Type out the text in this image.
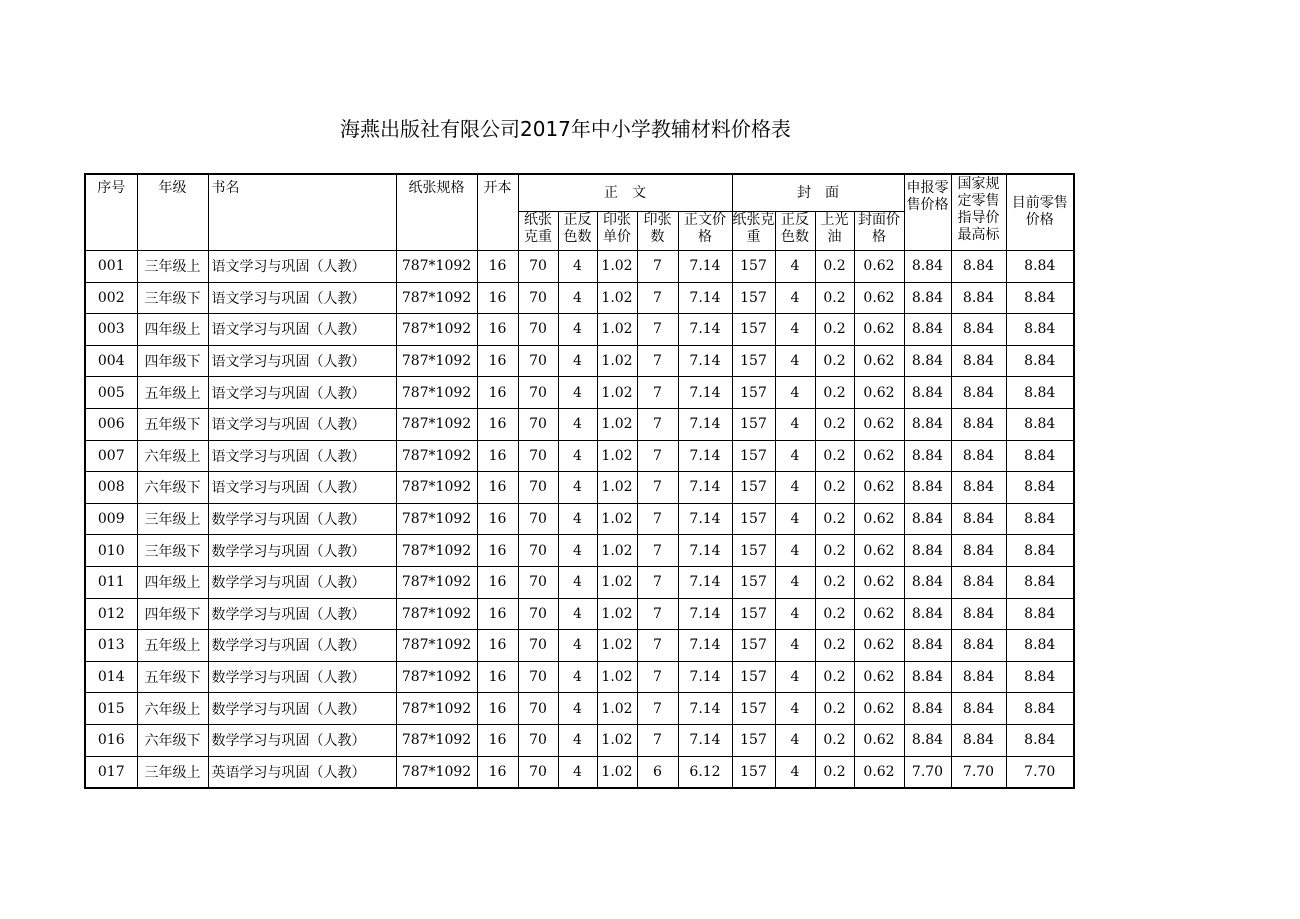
海燕出版社有限公司2017年中小学教辅材料价格表
序号	年级	书名	纸张规格	开本	正　文					封　面				申报零售价格	国家规定零售指导价最高标	目前零售价格
					纸张克重	正反色数	印张单价	印张数	正文价格	纸张克重	正反色数	上光油	封面价格			
001	三年级上	语文学习与巩固（人教）	787*1092	16	70	4	1.02	7	7.14	157	4	0.2	0.62	8.84	8.84	8.84
002	三年级下	语文学习与巩固（人教）	787*1092	16	70	4	1.02	7	7.14	157	4	0.2	0.62	8.84	8.84	8.84
003	四年级上	语文学习与巩固（人教）	787*1092	16	70	4	1.02	7	7.14	157	4	0.2	0.62	8.84	8.84	8.84
004	四年级下	语文学习与巩固（人教）	787*1092	16	70	4	1.02	7	7.14	157	4	0.2	0.62	8.84	8.84	8.84
005	五年级上	语文学习与巩固（人教）	787*1092	16	70	4	1.02	7	7.14	157	4	0.2	0.62	8.84	8.84	8.84
006	五年级下	语文学习与巩固（人教）	787*1092	16	70	4	1.02	7	7.14	157	4	0.2	0.62	8.84	8.84	8.84
007	六年级上	语文学习与巩固（人教）	787*1092	16	70	4	1.02	7	7.14	157	4	0.2	0.62	8.84	8.84	8.84
008	六年级下	语文学习与巩固（人教）	787*1092	16	70	4	1.02	7	7.14	157	4	0.2	0.62	8.84	8.84	8.84
009	三年级上	数学学习与巩固（人教）	787*1092	16	70	4	1.02	7	7.14	157	4	0.2	0.62	8.84	8.84	8.84
010	三年级下	数学学习与巩固（人教）	787*1092	16	70	4	1.02	7	7.14	157	4	0.2	0.62	8.84	8.84	8.84
011	四年级上	数学学习与巩固（人教）	787*1092	16	70	4	1.02	7	7.14	157	4	0.2	0.62	8.84	8.84	8.84
012	四年级下	数学学习与巩固（人教）	787*1092	16	70	4	1.02	7	7.14	157	4	0.2	0.62	8.84	8.84	8.84
013	五年级上	数学学习与巩固（人教）	787*1092	16	70	4	1.02	7	7.14	157	4	0.2	0.62	8.84	8.84	8.84
014	五年级下	数学学习与巩固（人教）	787*1092	16	70	4	1.02	7	7.14	157	4	0.2	0.62	8.84	8.84	8.84
015	六年级上	数学学习与巩固（人教）	787*1092	16	70	4	1.02	7	7.14	157	4	0.2	0.62	8.84	8.84	8.84
016	六年级下	数学学习与巩固（人教）	787*1092	16	70	4	1.02	7	7.14	157	4	0.2	0.62	8.84	8.84	8.84
017	三年级上	英语学习与巩固（人教）	787*1092	16	70	4	1.02	6	6.12	157	4	0.2	0.62	7.70	7.70	7.70
